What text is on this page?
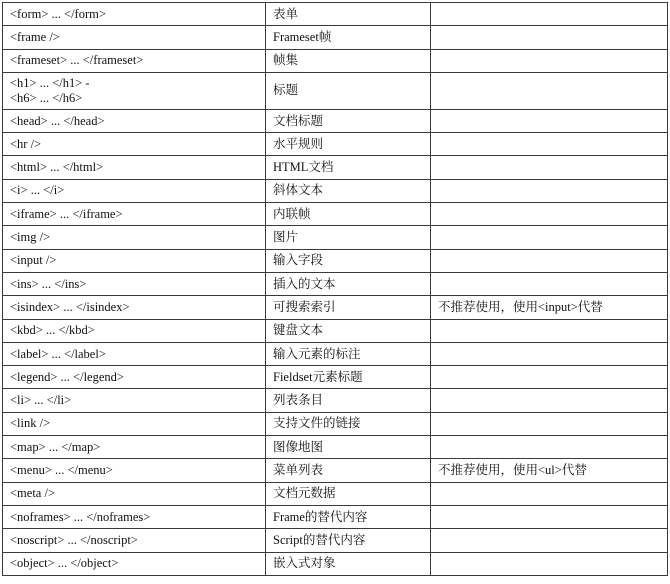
<form> ... </form>	表单	

<frame />	Frameset帧	

<frameset> ... </frameset>	帧集	

<h1> ... </h1> -
<h6> ... </h6>	标题	

<head> ... </head>	文档标题	

<hr />	水平规则	

<html> ... </html>	HTML文档	

<i> ... </i>	斜体文本	

<iframe> ... </iframe>	内联帧	

<img />	图片	

<input />	输入字段	

<ins> ... </ins>	插入的文本	

<isindex> ... </isindex>	可搜索索引	不推荐使用，使用<input>代替

<kbd> ... </kbd>	键盘文本	

<label> ... </label>	输入元素的标注	

<legend> ... </legend>	Fieldset元素标题	

<li> ... </li>	列表条目	

<link />	支持文件的链接	

<map> ... </map>	图像地图	

<menu> ... </menu>	菜单列表	不推荐使用，使用<ul>代替

<meta />	文档元数据	

<noframes> ... </noframes>	Frame的替代内容	

<noscript> ... </noscript>	Script的替代内容	

<object> ... </object>	嵌入式对象	
